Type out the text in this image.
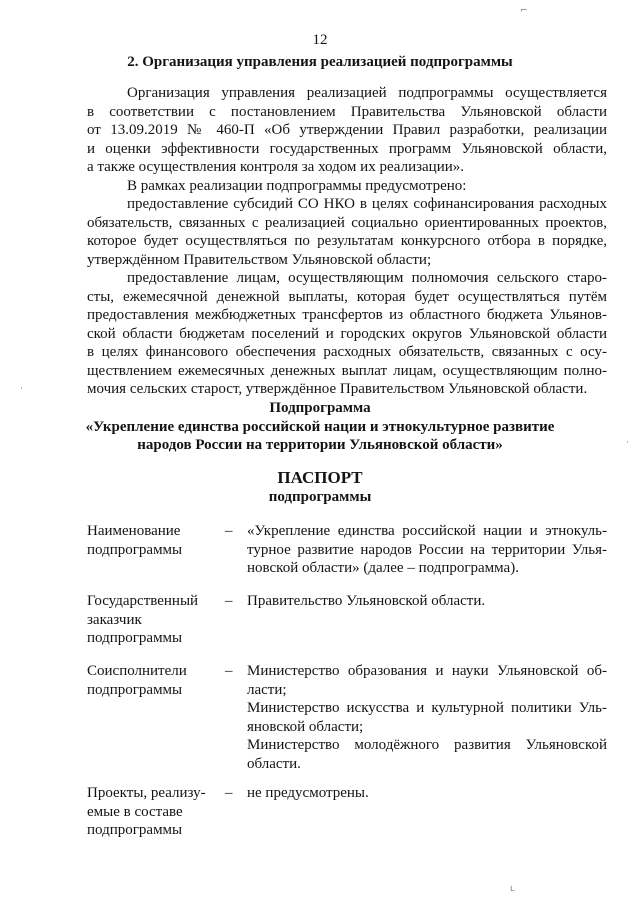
12
2. Организация управления реализацией подпрограммы

Организация управления реализацией подпрограммы осуществляется
в соответствии с постановлением Правительства Ульяновской области
от 13.09.2019 № 460-П «Об утверждении Правил разработки, реализации
и оценки эффективности государственных программ Ульяновской области,
а также осуществления контроля за ходом их реализации».

В рамках реализации подпрограммы предусмотрено:

предоставление субсидий СО НКО в целях софинансирования расходных
обязательств, связанных с реализацией социально ориентированных проектов,
которое будет осуществляться по результатам конкурсного отбора в порядке,
утверждённом Правительством Ульяновской области;

предоставление лицам, осуществляющим полномочия сельского старо-
сты, ежемесячной денежной выплаты, которая будет осуществляться путём
предоставления межбюджетных трансфертов из областного бюджета Ульянов-
ской области бюджетам поселений и городских округов Ульяновской области
в целях финансового обеспечения расходных обязательств, связанных с осу-
ществлением ежемесячных денежных выплат лицам, осуществляющим полно-
мочия сельских старост, утверждённое Правительством Ульяновской области.

Подпрограмма
«Укрепление единства российской нации и этнокультурное развитие
народов России на территории Ульяновской области»
ПАСПОРТ
подпрограммы
Наименование
подпрограммы
– «Укрепление единства российской нации и этнокуль-
турное развитие народов России на территории Улья-
новской области» (далее – подпрограмма).
Государственный
заказчик
подпрограммы
– Правительство Ульяновской области.
Соисполнители
подпрограммы
– Министерство образования и науки Ульяновской об-
ласти;
Министерство искусства и культурной политики Уль-
яновской области;
Министерство молодёжного развития Ульяновской
области.
Проекты, реализу-
емые в составе
подпрограммы
– не предусмотрены.
⌐
ʟ
·
·
